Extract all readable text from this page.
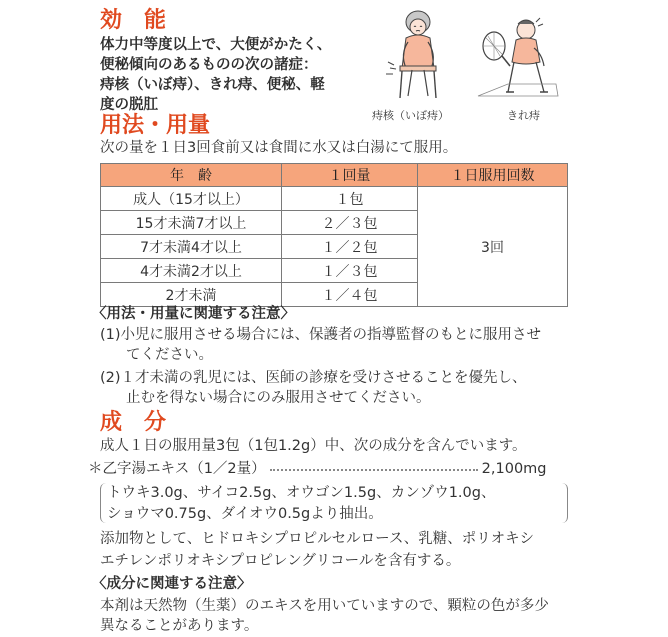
効　能
体力中等度以上で、大便がかたく、
便秘傾向のあるものの次の諸症：
痔核（いぼ痔）、きれ痔、便秘、軽
度の脱肛
痔核（いぼ痔）	きれ痔
用法・用量
次の量を１日3回食前又は食間に水又は白湯にて服用。
年　齢	１回量	１日服用回数
成人（15才以上）	１包	3回
15才未満7才以上	２／３包	
7才未満4才以上	１／２包	
4才未満2才以上	１／３包	
2才未満	１／４包	
〈用法・用量に関連する注意〉
(1)小児に服用させる場合には、保護者の指導監督のもとに服用させ
てください。
(2)１才未満の乳児には、医師の診療を受けさせることを優先し、
止むを得ない場合にのみ服用させてください。
成　分
成人１日の服用量3包（1包1.2g）中、次の成分を含んでいます。
＊乙字湯エキス（1／2量）	2,100mg
トウキ3.0g、サイコ2.5g、オウゴン1.5g、カンゾウ1.0g、
ショウマ0.75g、ダイオウ0.5gより抽出。
添加物として、ヒドロキシプロピルセルロース、乳糖、ポリオキシ
エチレンポリオキシプロピレングリコールを含有する。
〈成分に関連する注意〉
本剤は天然物（生薬）のエキスを用いていますので、顆粒の色が多少
異なることがあります。
